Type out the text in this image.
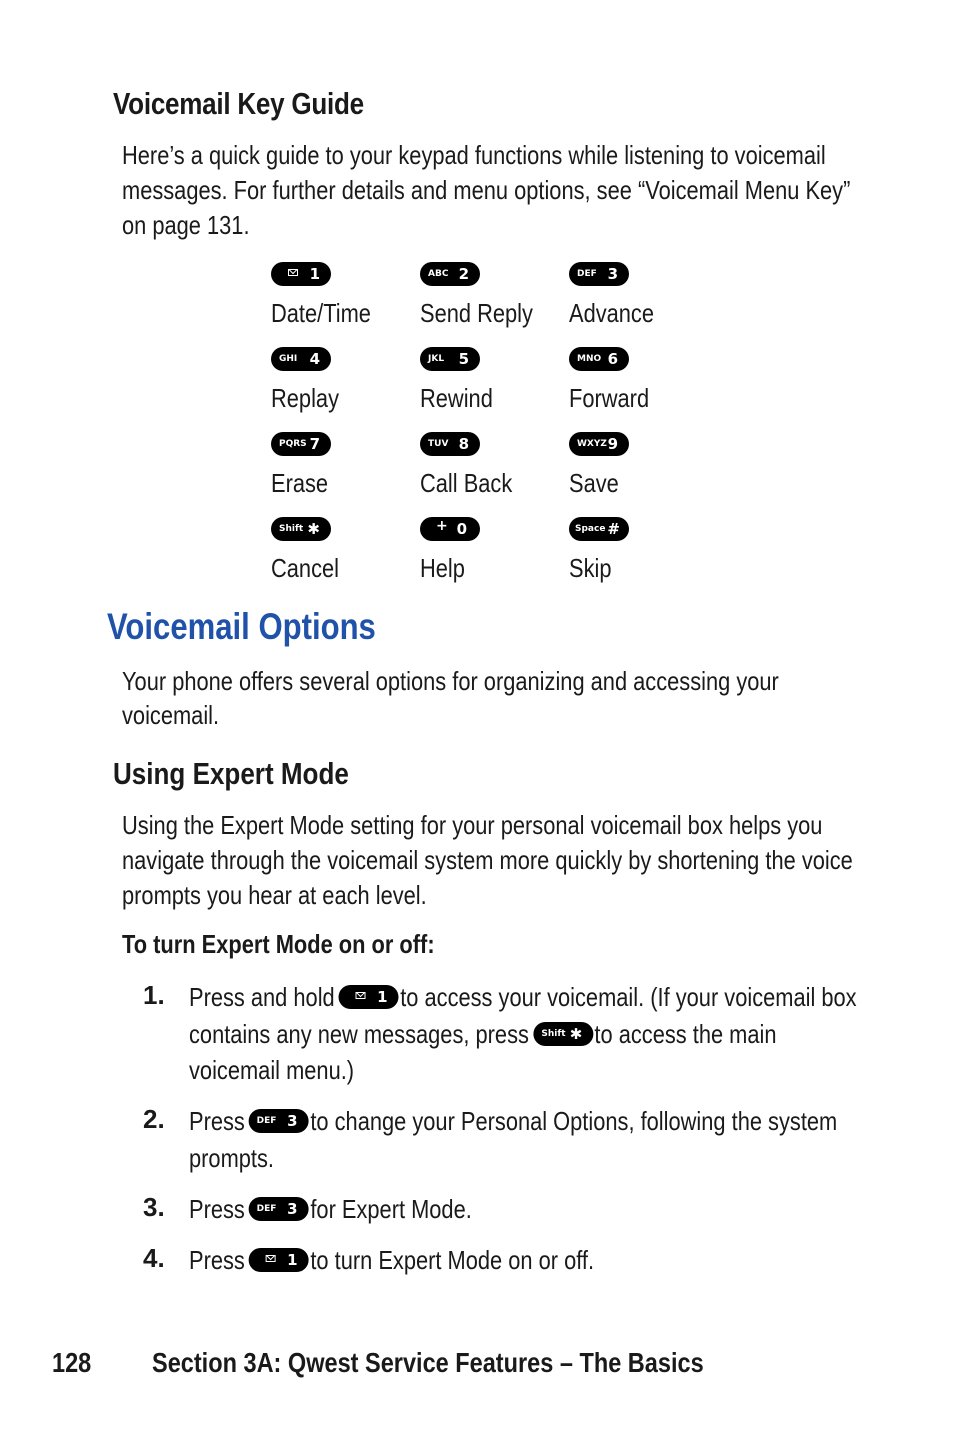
Voicemail Key Guide
Here’s a quick guide to your keypad functions while listening to voicemail
messages. For further details and menu options, see “Voicemail Menu Key”
on page 131.
1
Date/Time
ABC 2
Send Reply
DEF 3
Advance
GHI 4
Replay
JKL 5
Rewind
MNO 6
Forward
PQRS 7
Erase
TUV 8
Call Back
WXYZ 9
Save
Shift ✱
Cancel
+ 0
Help
Space #
Skip
Voicemail Options
Your phone offers several options for organizing and accessing your
voicemail.
Using Expert Mode
Using the Expert Mode setting for your personal voicemail box helps you
navigate through the voicemail system more quickly by shortening the voice
prompts you hear at each level.
To turn Expert Mode on or off:
1. Press and hold	1 to access your voicemail. (If your voicemail box
contains any new messages, press Shift ✱ to access the main
voicemail menu.)
2. Press DEF 3 to change your Personal Options, following the system
prompts.
3. Press DEF 3 for Expert Mode.
4. Press	1 to turn Expert Mode on or off.
128 Section 3A: Qwest Service Features – The Basics
